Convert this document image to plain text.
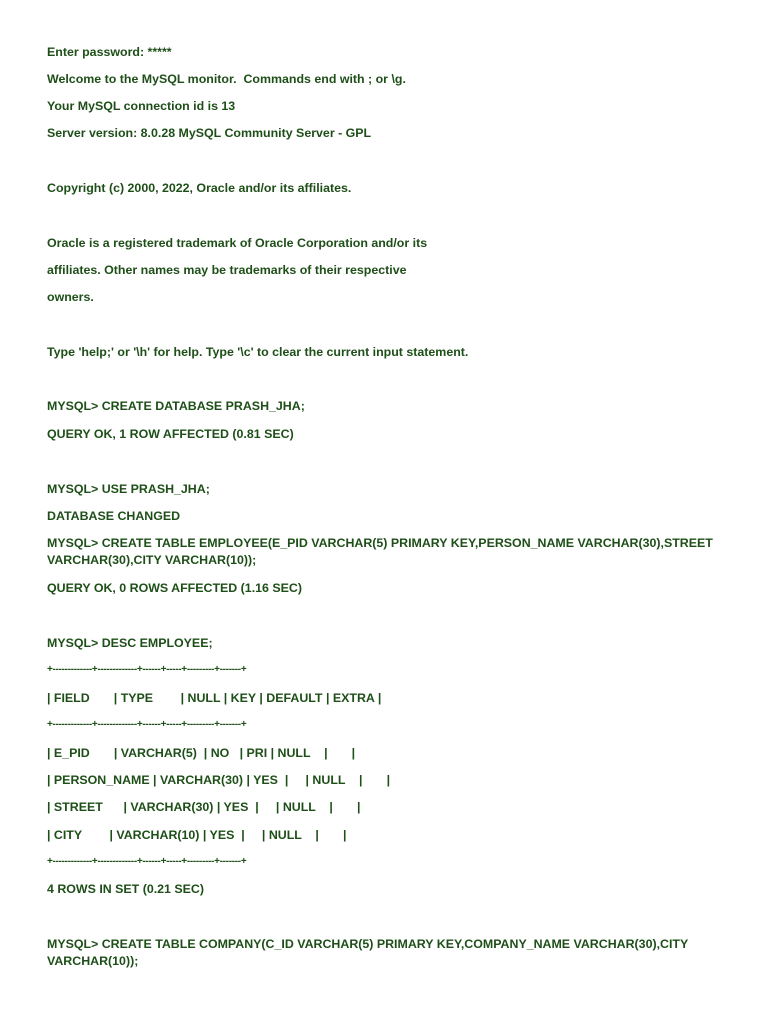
Enter password: *****
Welcome to the MySQL monitor.  Commands end with ; or \g.
Your MySQL connection id is 13
Server version: 8.0.28 MySQL Community Server - GPL
Copyright (c) 2000, 2022, Oracle and/or its affiliates.
Oracle is a registered trademark of Oracle Corporation and/or its
affiliates. Other names may be trademarks of their respective
owners.
Type 'help;' or '\h' for help. Type '\c' to clear the current input statement.
MYSQL> CREATE DATABASE PRASH_JHA;
QUERY OK, 1 ROW AFFECTED (0.81 SEC)
MYSQL> USE PRASH_JHA;
DATABASE CHANGED
MYSQL> CREATE TABLE EMPLOYEE(E_PID VARCHAR(5) PRIMARY KEY,PERSON_NAME VARCHAR(30),STREET VARCHAR(30),CITY VARCHAR(10));
QUERY OK, 0 ROWS AFFECTED (1.16 SEC)
MYSQL> DESC EMPLOYEE;
+-------------+-------------+------+-----+---------+-------+
| FIELD       | TYPE        | NULL | KEY | DEFAULT | EXTRA |
+-------------+-------------+------+-----+---------+-------+
| E_PID       | VARCHAR(5)  | NO   | PRI | NULL    |       |
| PERSON_NAME | VARCHAR(30) | YES  |     | NULL    |       |
| STREET      | VARCHAR(30) | YES  |     | NULL    |       |
| CITY        | VARCHAR(10) | YES  |     | NULL    |       |
+-------------+-------------+------+-----+---------+-------+
4 ROWS IN SET (0.21 SEC)
MYSQL> CREATE TABLE COMPANY(C_ID VARCHAR(5) PRIMARY KEY,COMPANY_NAME VARCHAR(30),CITY VARCHAR(10));
